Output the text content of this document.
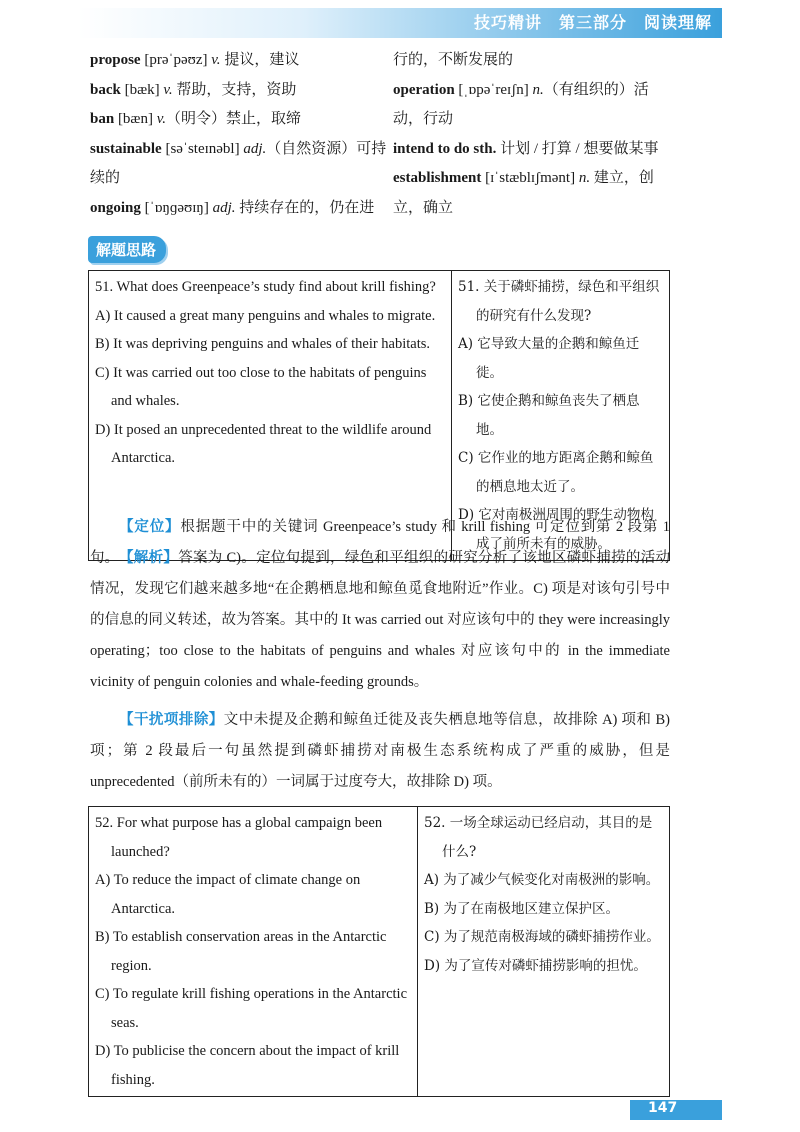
技巧精讲　第三部分　阅读理解
propose [prəˈpəʊz] v. 提议，建议
back [bæk] v. 帮助，支持，资助
ban [bæn] v.（明令）禁止，取缔
sustainable [səˈsteɪnəbl] adj.（自然资源）可持续的
ongoing [ˈɒŋɡəʊɪŋ] adj. 持续存在的，仍在进
行的，不断发展的
operation [ˌɒpəˈreɪʃn] n.（有组织的）活动，行动
intend to do sth. 计划 / 打算 / 想要做某事
establishment [ɪˈstæblɪʃmənt] n. 建立，创立，确立
解题思路
51. What does Greenpeace’s study find about krill fishing?
A) It caused a great many penguins and whales to migrate.
B) It was depriving penguins and whales of their habitats.
C) It was carried out too close to the habitats of penguins and whales.
D) It posed an unprecedented threat to the wildlife around Antarctica.

51. 关于磷虾捕捞，绿色和平组织的研究有什么发现?
A) 它导致大量的企鹅和鲸鱼迁徙。
B) 它使企鹅和鲸鱼丧失了栖息地。
C) 它作业的地方距离企鹅和鲸鱼的栖息地太近了。
D) 它对南极洲周围的野生动物构成了前所未有的威胁。
【定位】根据题干中的关键词 Greenpeace’s study 和 krill fishing 可定位到第 2 段第 1 句。 【解析】答案为 C)。定位句提到，绿色和平组织的研究分析了该地区磷虾捕捞的活动情况，发现它们越来越多地“在企鹅栖息地和鲸鱼觅食地附近”作业。C) 项是对该句引号中的信息的同义转述，故为答案。其中的 It was carried out 对应该句中的 they were increasingly operating；too close to the habitats of penguins and whales 对应该句中的 in the immediate vicinity of penguin colonies and whale-feeding grounds。
【干扰项排除】文中未提及企鹅和鲸鱼迁徙及丧失栖息地等信息，故排除 A) 项和 B) 项；第 2 段最后一句虽然提到磷虾捕捞对南极生态系统构成了严重的威胁，但是 unprecedented（前所未有的）一词属于过度夸大，故排除 D) 项。
52. For what purpose has a global campaign been launched?
A) To reduce the impact of climate change on Antarctica.
B) To establish conservation areas in the Antarctic region.
C) To regulate krill fishing operations in the Antarctic seas.
D) To publicise the concern about the impact of krill fishing.

52. 一场全球运动已经启动，其目的是什么?
A) 为了减少气候变化对南极洲的影响。
B) 为了在南极地区建立保护区。
C) 为了规范南极海域的磷虾捕捞作业。
D) 为了宣传对磷虾捕捞影响的担忧。
147
